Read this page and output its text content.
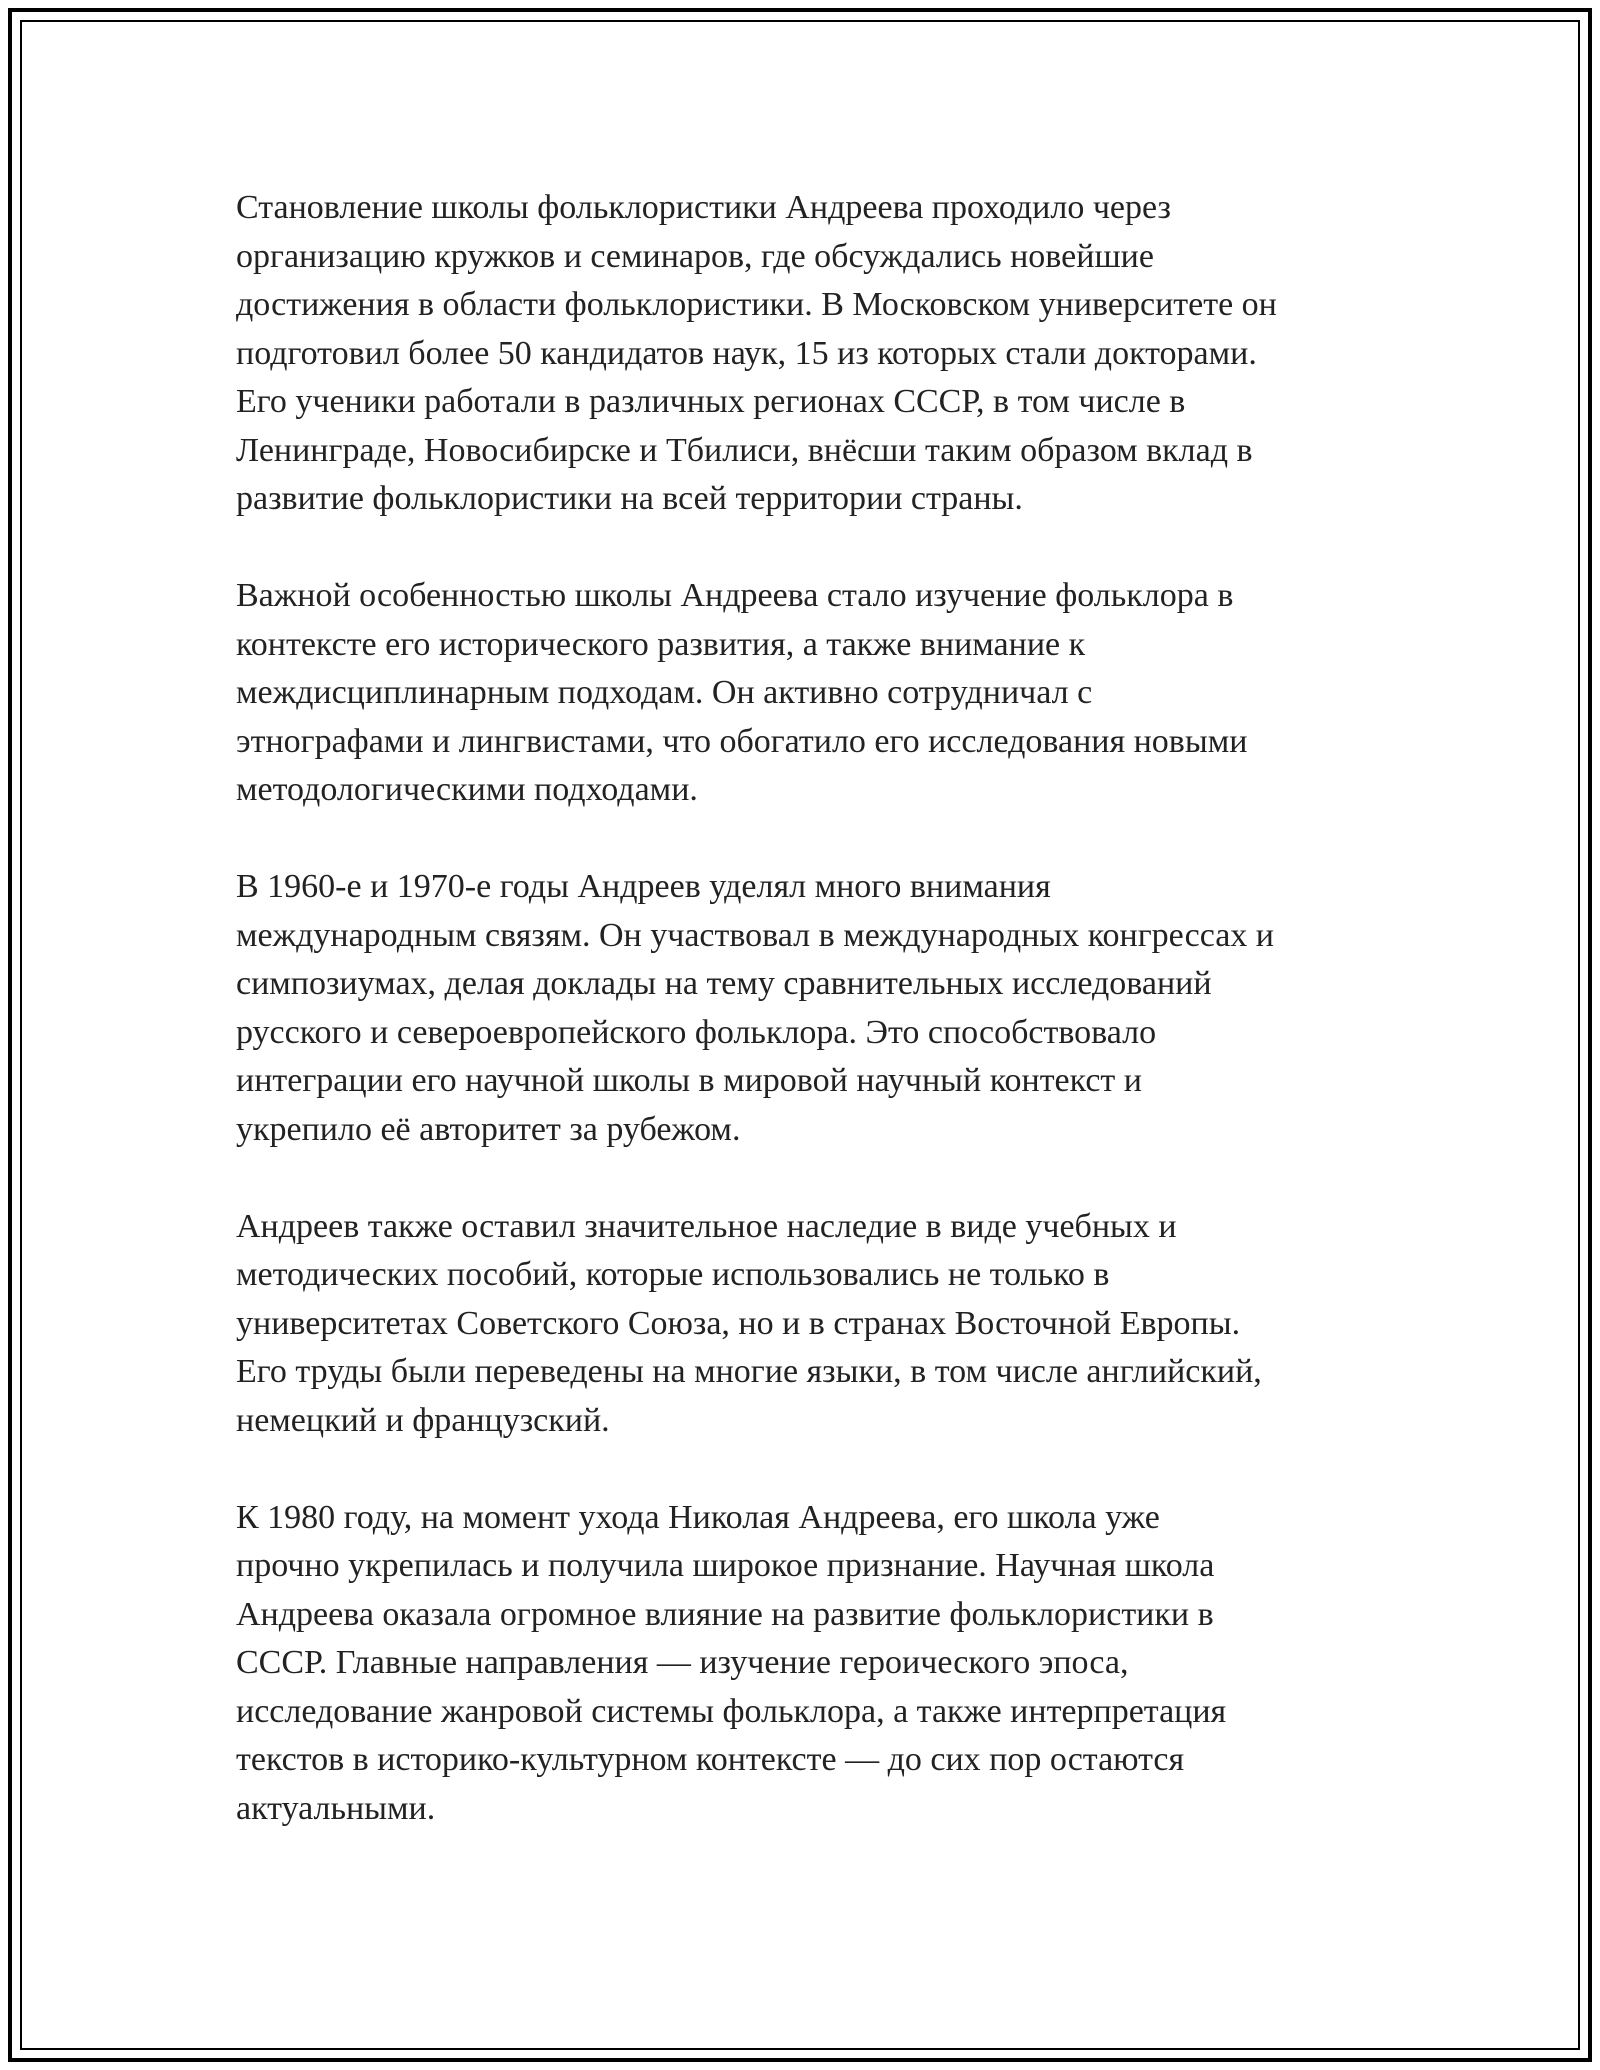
Становление школы фольклористики Андреева проходило через
организацию кружков и семинаров, где обсуждались новейшие
достижения в области фольклористики. В Московском университете он
подготовил более 50 кандидатов наук, 15 из которых стали докторами.
Его ученики работали в различных регионах СССР, в том числе в
Ленинграде, Новосибирске и Тбилиси, внёсши таким образом вклад в
развитие фольклористики на всей территории страны.

Важной особенностью школы Андреева стало изучение фольклора в
контексте его исторического развития, а также внимание к
междисциплинарным подходам. Он активно сотрудничал с
этнографами и лингвистами, что обогатило его исследования новыми
методологическими подходами.

В 1960-е и 1970-е годы Андреев уделял много внимания
международным связям. Он участвовал в международных конгрессах и
симпозиумах, делая доклады на тему сравнительных исследований
русского и североевропейского фольклора. Это способствовало
интеграции его научной школы в мировой научный контекст и
укрепило её авторитет за рубежом.

Андреев также оставил значительное наследие в виде учебных и
методических пособий, которые использовались не только в
университетах Советского Союза, но и в странах Восточной Европы.
Его труды были переведены на многие языки, в том числе английский,
немецкий и французский.

К 1980 году, на момент ухода Николая Андреева, его школа уже
прочно укрепилась и получила широкое признание. Научная школа
Андреева оказала огромное влияние на развитие фольклористики в
СССР. Главные направления — изучение героического эпоса,
исследование жанровой системы фольклора, а также интерпретация
текстов в историко-культурном контексте — до сих пор остаются
актуальными.
